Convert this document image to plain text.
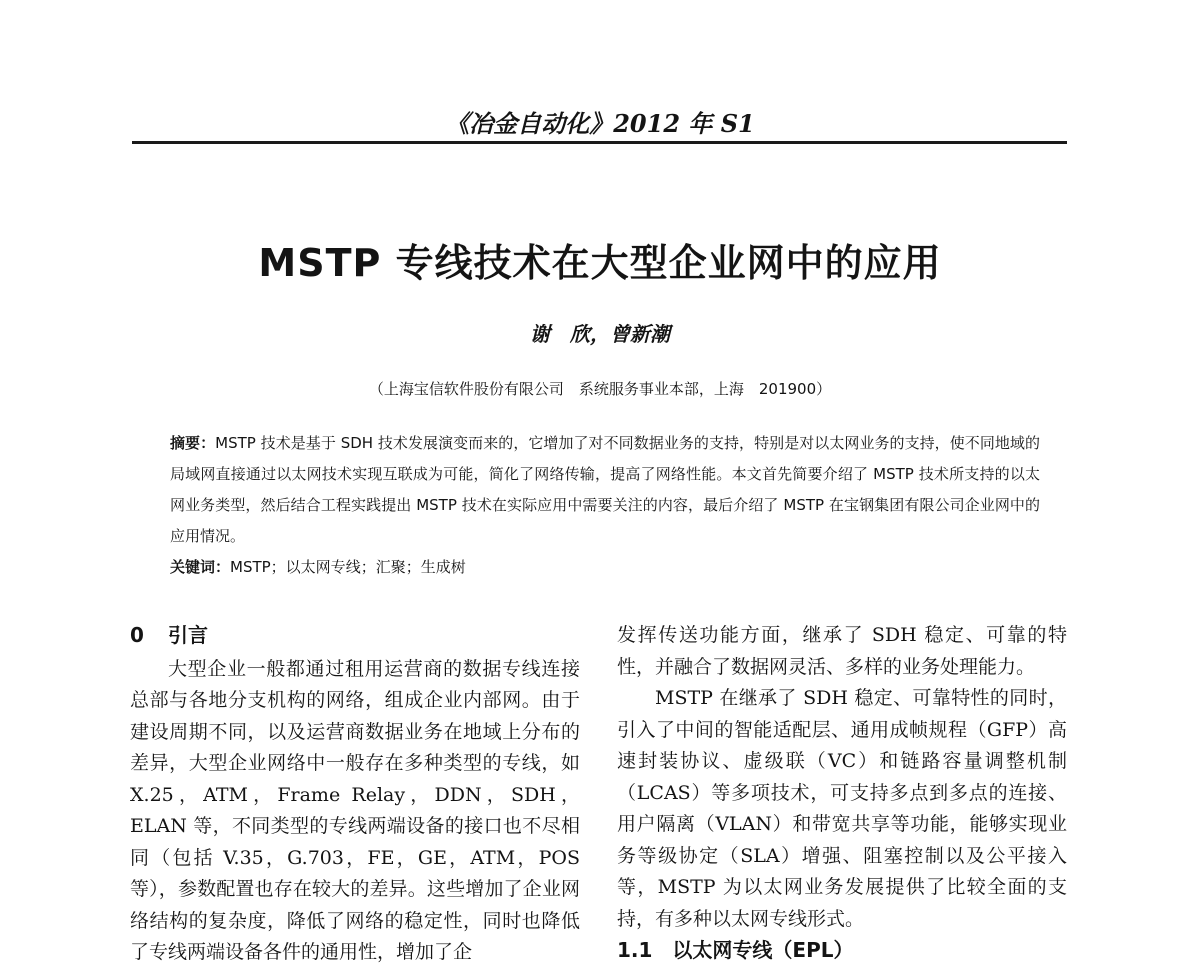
《冶金自动化》2012 年 S1
MSTP 专线技术在大型企业网中的应用
谢　欣，曾新潮
（上海宝信软件股份有限公司　系统服务事业本部，上海　201900）

摘要：MSTP 技术是基于 SDH 技术发展演变而来的，它增加了对不同数据业务的支持，特别是对以太网业务的支持，使不同地域的局域网直接通过以太网技术实现互联成为可能，简化了网络传输，提高了网络性能。本文首先简要介绍了 MSTP 技术所支持的以太网业务类型，然后结合工程实践提出 MSTP 技术在实际应用中需要关注的内容，最后介绍了 MSTP 在宝钢集团有限公司企业网中的应用情况。

关键词：MSTP；以太网专线；汇聚；生成树

0 引言

大型企业一般都通过租用运营商的数据专线连接总部与各地分支机构的网络，组成企业内部网。由于建设周期不同，以及运营商数据业务在地域上分布的差异，大型企业网络中一般存在多种类型的专线，如 X.25，ATM，Frame Relay，DDN，SDH，ELAN 等，不同类型的专线两端设备的接口也不尽相同（包括 V.35，G.703，FE，GE，ATM，POS 等），参数配置也存在较大的差异。这些增加了企业网络结构的复杂度，降低了网络的稳定性，同时也降低了专线两端设备各件的通用性，增加了企

发挥传送功能方面，继承了 SDH 稳定、可靠的特性，并融合了数据网灵活、多样的业务处理能力。

MSTP 在继承了 SDH 稳定、可靠特性的同时，引入了中间的智能适配层、通用成帧规程（GFP）高速封装协议、虚级联（VC）和链路容量调整机制（LCAS）等多项技术，可支持多点到多点的连接、用户隔离（VLAN）和带宽共享等功能，能够实现业务等级协定（SLA）增强、阻塞控制以及公平接入等，MSTP 为以太网业务发展提供了比较全面的支持，有多种以太网专线形式。

1.1　以太网专线（EPL）
